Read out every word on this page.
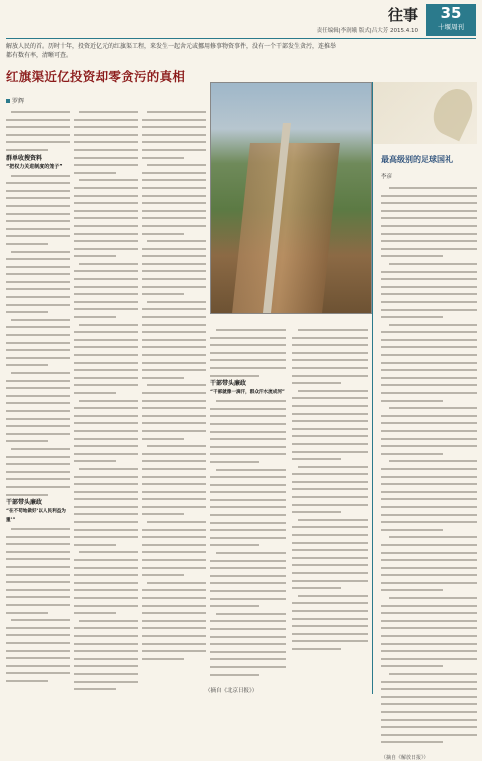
往事
责任编辑|李润娥 版式|吕大芳 2015.4.10
35
十堰周刊
解放人民的首。历时十年，投资近亿元的红旗渠工程，来发生一起舍元或挪用修事物资事件，没有一个干部发生贪污，连推举都有数有率，清晰可查。
红旗渠近亿投资却零贪污的真相
罗辉
群单收搜资料
“把权力关进制度的笼子”
干部带头廉政
“在不苟地做好‘以人民利益为重’”
干部带头廉政
“干部就像一滴汗，群众汗水流成河”
（摘自《北京日报》）
最高级别的足球国礼
李彦
（摘自《解放日报》）
